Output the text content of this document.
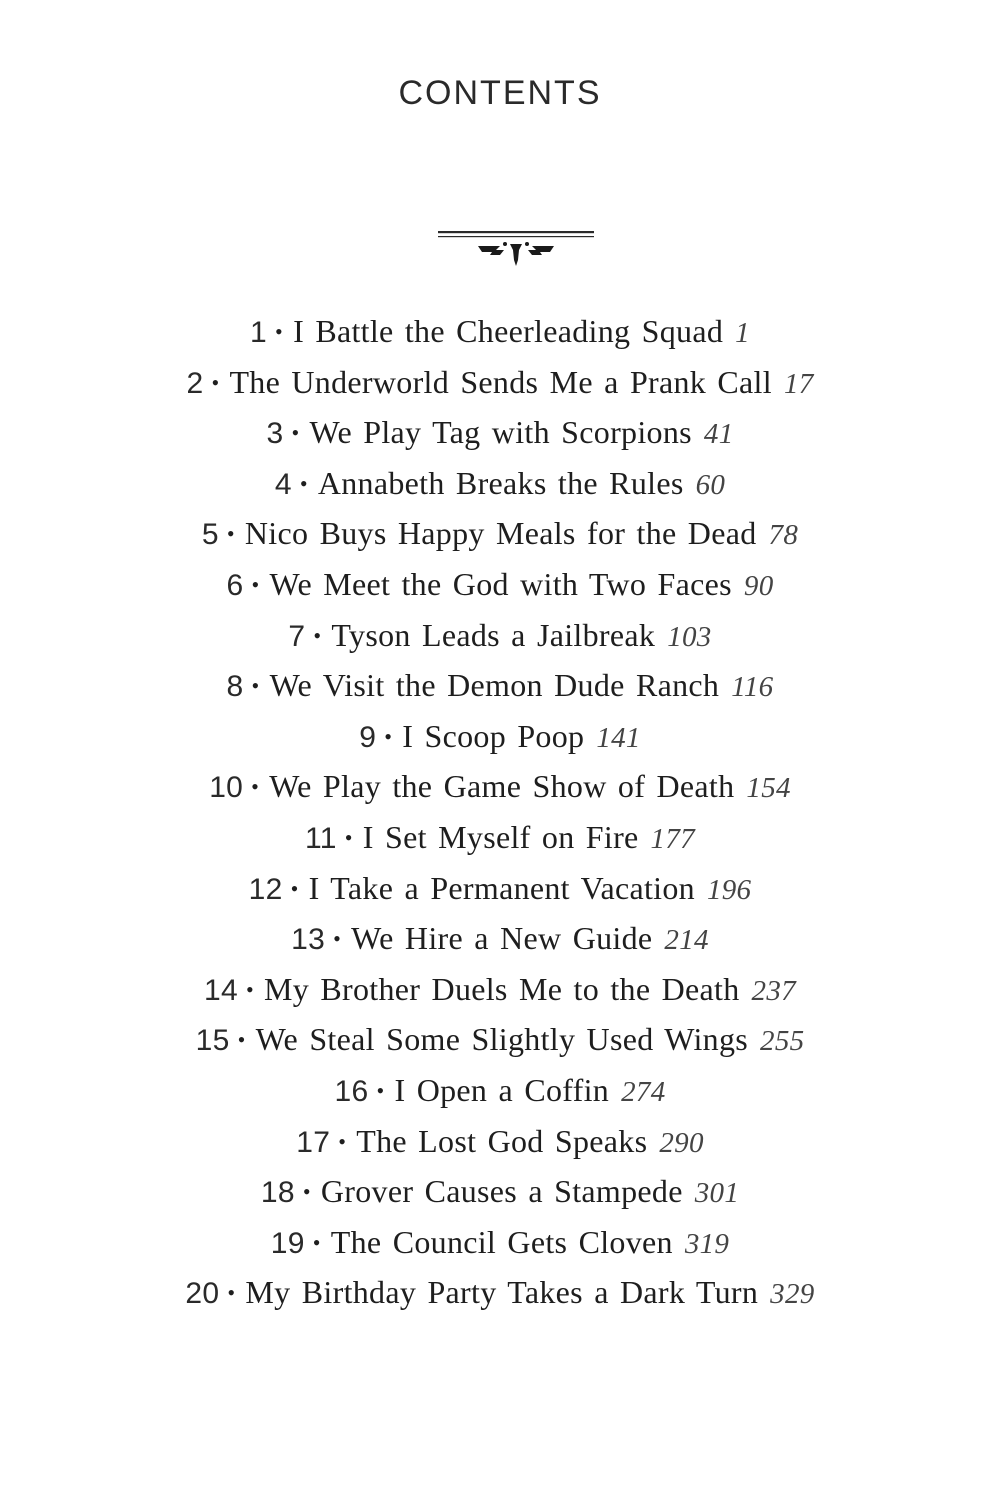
CONTENTS
1 • I Battle the Cheerleading Squad 1
2 • The Underworld Sends Me a Prank Call 17
3 • We Play Tag with Scorpions 41
4 • Annabeth Breaks the Rules 60
5 • Nico Buys Happy Meals for the Dead 78
6 • We Meet the God with Two Faces 90
7 • Tyson Leads a Jailbreak 103
8 • We Visit the Demon Dude Ranch 116
9 • I Scoop Poop 141
10 • We Play the Game Show of Death 154
11 • I Set Myself on Fire 177
12 • I Take a Permanent Vacation 196
13 • We Hire a New Guide 214
14 • My Brother Duels Me to the Death 237
15 • We Steal Some Slightly Used Wings 255
16 • I Open a Coffin 274
17 • The Lost God Speaks 290
18 • Grover Causes a Stampede 301
19 • The Council Gets Cloven 319
20 • My Birthday Party Takes a Dark Turn 329
